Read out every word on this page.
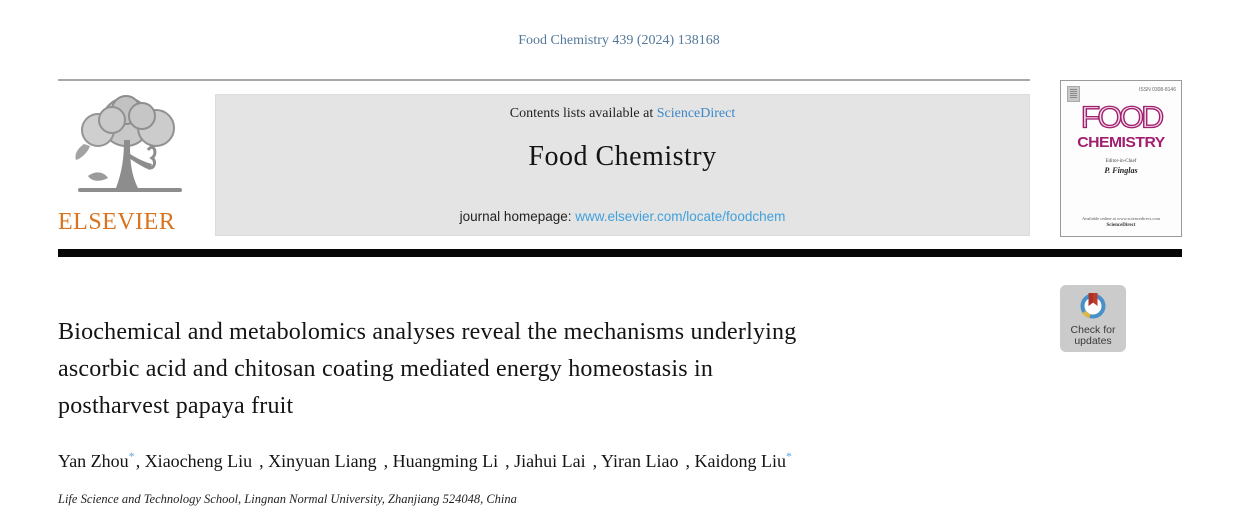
Food Chemistry 439 (2024) 138168
ELSEVIER
Contents lists available at ScienceDirect
Food Chemistry
journal homepage: www.elsevier.com/locate/foodchem
ISSN 0308-8146
FOOD
CHEMISTRY
Editor-in-Chief
P. Finglas
Available online at www.sciencedirect.com
ScienceDirect
Check for
updates
Biochemical and metabolomics analyses reveal the mechanisms underlying
ascorbic acid and chitosan coating mediated energy homeostasis in
postharvest papaya fruit
Yan Zhou*, Xiaocheng Liu , Xinyuan Liang , Huangming Li , Jiahui Lai , Yiran Liao , Kaidong Liu*
Life Science and Technology School, Lingnan Normal University, Zhanjiang 524048, China
